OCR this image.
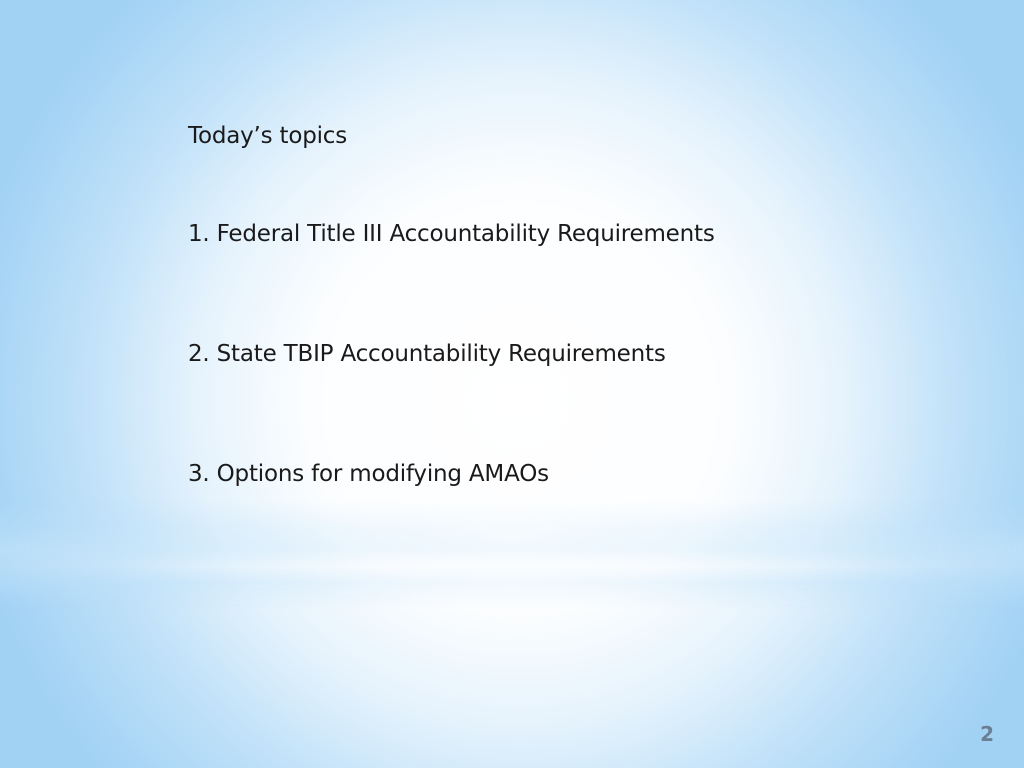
Today’s topics
1. Federal Title III Accountability Requirements
2. State TBIP Accountability Requirements
3. Options for modifying AMAOs
2
